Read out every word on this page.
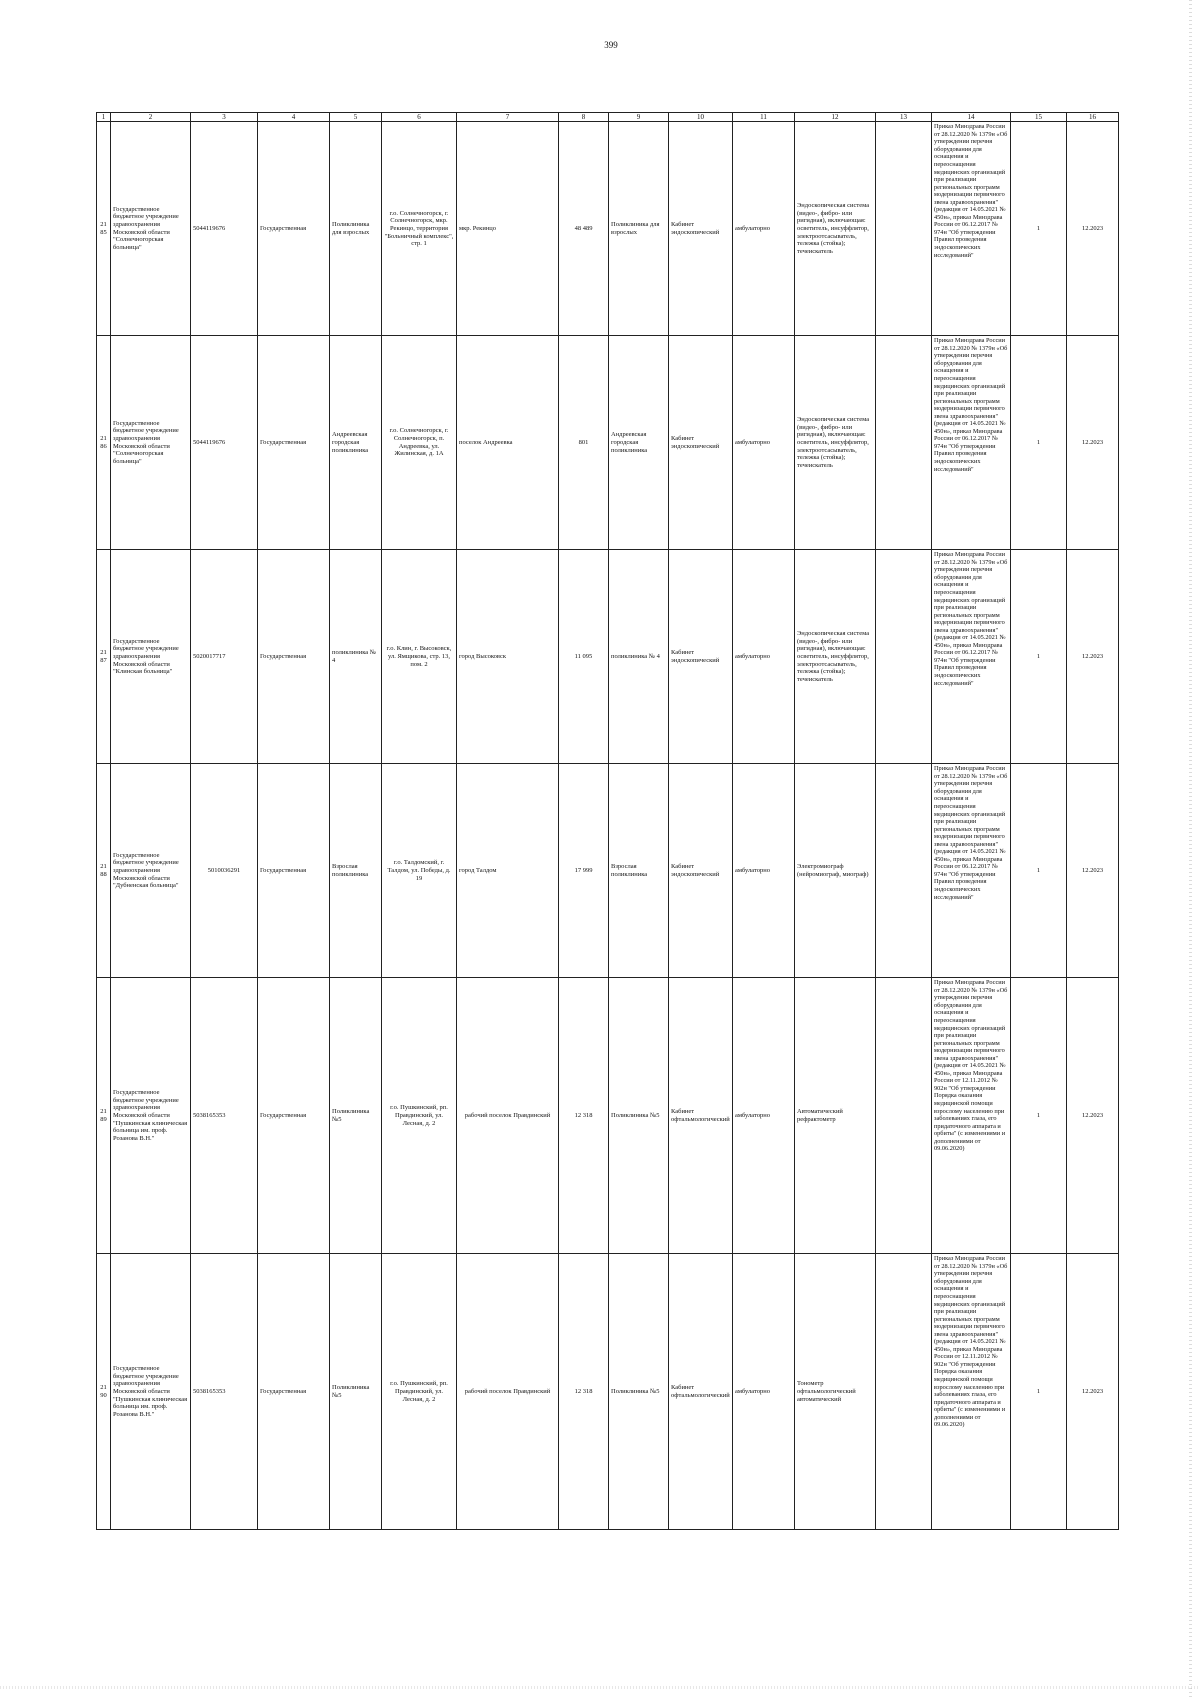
399
1	2	3	4	5	6	7	8	9	10	11	12	13	14	15	16
2185	Государственное бюджетное учреждение здравоохранения Московской области "Солнечногорская больница"	5044119676	Государственная	Поликлиника для взрослых	г.о. Солнечногорск, г. Солнечногорск, мкр. Рекинцо, территория "Больничный комплекс", стр. 1	мкр. Рекинцо	48 489	Поликлиника для взрослых	Кабинет эндоскопический	амбулаторно	Эндоскопическая система (видео-, фибро- или ригидная), включающая: осветитель, инсуффлятор, электроотсасыватель, тележка (стойка); течеискатель		Приказ Минздрава России от 28.12.2020 № 1379н «Об утверждении перечня оборудования для оснащения и переоснащения медицинских организаций при реализации региональных программ модернизации первичного звена здравоохранения"(редакция от 14.05.2021 № 450н», приказ Минздрава России от 06.12.2017 № 974н "Об утверждении Правил проведения эндоскопических исследований"	1	12.2023
2186	Государственное бюджетное учреждение здравоохранения Московской области "Солнечногорская больница"	5044119676	Государственная	Андреевская городская поликлиника	г.о. Солнечногорск, г. Солнечногорск, п. Андреевка, ул. Жилинская, д. 1А	поселок Андреевка	801	Андреевская городская поликлиника	Кабинет эндоскопический	амбулаторно	Эндоскопическая система (видео-, фибро- или ригидная), включающая: осветитель, инсуффлятор, электроотсасыватель, тележка (стойка); течеискатель		Приказ Минздрава России от 28.12.2020 № 1379н «Об утверждении перечня оборудования для оснащения и переоснащения медицинских организаций при реализации региональных программ модернизации первичного звена здравоохранения"(редакция от 14.05.2021 № 450н», приказ Минздрава России от 06.12.2017 № 974н "Об утверждении Правил проведения эндоскопических исследований"	1	12.2023
2187	Государственное бюджетное учреждение здравоохранения Московской области "Клинская больница"	5020017717	Государственная	поликлиника № 4	г.о. Клин, г. Высоковск, ул. Ямщикова, стр. 13, пом. 2	город Высоковск	11 095	поликлиника № 4	Кабинет эндоскопический	амбулаторно	Эндоскопическая система (видео-, фибро- или ригидная), включающая: осветитель, инсуффлятор, электроотсасыватель, тележка (стойка); течеискатель		Приказ Минздрава России от 28.12.2020 № 1379н «Об утверждении перечня оборудования для оснащения и переоснащения медицинских организаций при реализации региональных программ модернизации первичного звена здравоохранения"(редакция от 14.05.2021 № 450н», приказ Минздрава России от 06.12.2017 № 974н "Об утверждении Правил проведения эндоскопических исследований"	1	12.2023
2188	Государственное бюджетное учреждение здравоохранения Московской области "Дубненская больница"	5010036291	Государственная	Взрослая поликлиника	г.о. Талдомский, г. Талдом, ул. Победы, д. 19	город Талдом	17 999	Взрослая поликлиника	Кабинет эндоскопический	амбулаторно	Электромиограф (нейромиограф, миограф)		Приказ Минздрава России от 28.12.2020 № 1379н «Об утверждении перечня оборудования для оснащения и переоснащения медицинских организаций при реализации региональных программ модернизации первичного звена здравоохранения"(редакция от 14.05.2021 № 450н», приказ Минздрава России от 06.12.2017 № 974н "Об утверждении Правил проведения эндоскопических исследований"	1	12.2023
2189	Государственное бюджетное учреждение здравоохранения Московской области "Пушкинская клиническая больница им. проф. Розанова В.Н."	5038165353	Государственная	Поликлиника №5	г.о. Пушкинский, рп. Правдинский, ул. Лесная, д. 2	рабочий поселок Правдинский	12 318	Поликлиника №5	Кабинет офтальмологический	амбулаторно	Автоматический рефрактометр		Приказ Минздрава России от 28.12.2020 № 1379н «Об утверждении перечня оборудования для оснащения и переоснащения медицинских организаций при реализации региональных программ модернизации первичного звена здравоохранения"(редакция от 14.05.2021 № 450н», приказ Минздрава России от 12.11.2012 № 902н "Об утверждении Порядка оказания медицинской помощи взрослому населению при заболеваниях глаза, его придаточного аппарата и орбиты" (с изменениями и дополнениями от 09.06.2020)	1	12.2023
2190	Государственное бюджетное учреждение здравоохранения Московской области "Пушкинская клиническая больница им. проф. Розанова В.Н."	5038165353	Государственная	Поликлиника №5	г.о. Пушкинский, рп. Правдинский, ул. Лесная, д. 2	рабочий поселок Правдинский	12 318	Поликлиника №5	Кабинет офтальмологический	амбулаторно	Тонометр офтальмологический автоматический		Приказ Минздрава России от 28.12.2020 № 1379н «Об утверждении перечня оборудования для оснащения и переоснащения медицинских организаций при реализации региональных программ модернизации первичного звена здравоохранения"(редакция от 14.05.2021 № 450н», приказ Минздрава России от 12.11.2012 № 902н "Об утверждении Порядка оказания медицинской помощи взрослому населению при заболеваниях глаза, его придаточного аппарата и орбиты" (с изменениями и дополнениями от 09.06.2020)	1	12.2023
